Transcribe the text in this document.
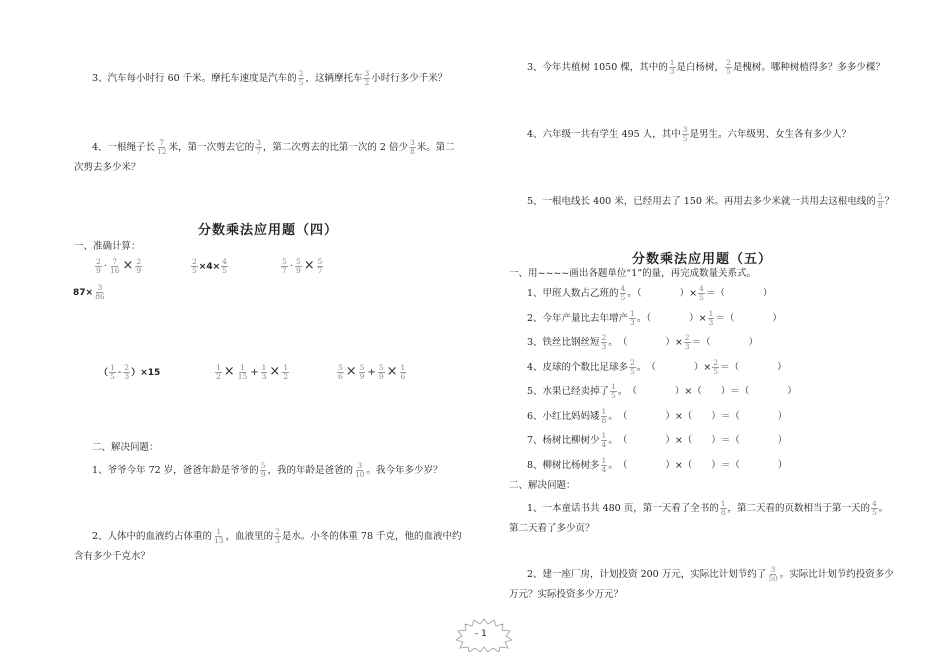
3、汽车每小时行 60 千米。摩托车速度是汽车的 $\frac{2}{5}$ ，这辆摩托车 $\frac{3}{2}$ 小时行多少千米？
4、一根绳子长 $\frac{7}{12}$ 米，第一次剪去它的 $\frac{3}{7}$ ，第二次剪去的比第一次的 2 倍少 $\frac{3}{8}$ 米。第二
次剪去多少米？
分数乘法应用题（四）
一、准确计算：
$\frac{2}{9} \cdot \frac{7}{16} \times \frac{2}{9}$	$\frac{2}{5} \times 4\times \frac{4}{5}$	$\frac{5}{7} \cdot \frac{5}{9} \times \frac{5}{7}$
$87\times \frac{3}{86}$
（ $\frac{1}{5} - \frac{2}{3} )\times 15$	$\frac{1}{2} \times \frac{1}{15} + \frac{1}{3} \times \frac{1}{2}$	$\frac{5}{6} \times \frac{5}{9} + \frac{5}{9} \times \frac{1}{6}$
二、解决问题：
1、爷爷今年 72 岁，爸爸年龄是爷爷的 $\frac{5}{9}$ ，我的年龄是爸爸的 $\frac{3}{10}$ 。我今年多少岁？
2、人体中的血液约占体重的 $\frac{1}{13}$ ，血液里的 $\frac{2}{3}$ 是水。小冬的体重 78 千克，他的血液中约
含有多少千克水？
3、今年共植树 1050 棵，其中的 $\frac{1}{3}$ 是白杨树， $\frac{2}{5}$ 是槐树。哪种树植得多？多多少棵？
4、六年级一共有学生 495 人，其中 $\frac{3}{5}$ 是男生。六年级男、女生各有多少人？
5、一根电线长 400 米，已经用去了 150 米。再用去多少米就一共用去这根电线的 $\frac{5}{8}$ ？
分数乘法应用题（五）
一、用~~~~画出各题单位“1”的量，再完成数量关系式。
1、甲班人数占乙班的 $\frac{4}{5}$ 。（　　　　）× $\frac{4}{5}$ ＝（　　　　）
2、今年产量比去年增产 $\frac{1}{3}$ 。（　　　　）× $\frac{1}{3}$ ＝（　　　　）
3、铁丝比钢丝短 $\frac{2}{3}$ 。　（　　　　）× $\frac{2}{3}$ ＝（　　　　）
4、皮球的个数比足球多 $\frac{2}{5}$ 。　（　　　　）× $\frac{2}{5}$ ＝（　　　　）
5、水果已经卖掉了 $\frac{1}{5}$ 。　（　　　　）×（　　）＝（　　　　）
6、小红比妈妈矮 $\frac{1}{8}$ 。　（　　　　）×（　　）＝（　　　　）
7、杨树比柳树少 $\frac{1}{4}$ 。　（　　　　）×（　　）＝（　　　　）
8、柳树比杨树多 $\frac{1}{4}$ 。　（　　　　）×（　　）＝（　　　　）
二、解决问题：
1、一本童话书共 480 页，第一天看了全书的 $\frac{1}{8}$ ，第二天看的页数相当于第一天的 $\frac{4}{5}$ 。
第二天看了多少页？
2、建一座厂房，计划投资 200 万元，实际比计划节约了 $\frac{3}{50}$ 。实际比计划节约投资多少
万元？实际投资多少万元？
- 1
